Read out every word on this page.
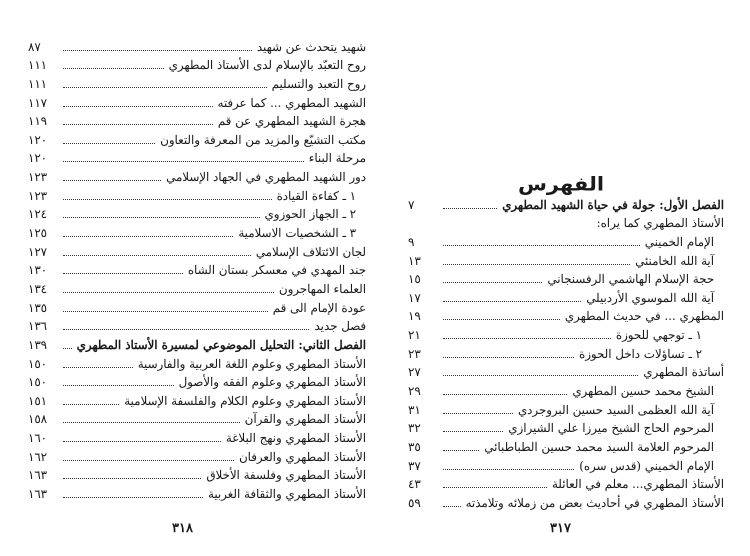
شهيد يتحدث عن شهيد
٨٧
روح التعبّد بالإسلام لدى الأستاذ المطهري
١١١
روح التعبد والتسليم
١١١
الشهيد المطهري ... كما عرفته
١١٧
هجرة الشهيد المطهري عن قم
١١٩
مكتب التشيّع والمزيد من المعرفة والتعاون
١٢٠
مرحلة البناء
١٢٠
دور الشهيد المطهري في الجهاد الإسلامي
١٢٣
١ ـ كفاءة القيادة
١٢٣
٢ ـ الجهاز الحوزوي
١٢٤
٣ ـ الشخصيات الاسلامية
١٢٥
لجان الائتلاف الإسلامي
١٢٧
جند المهدي في معسكر بستان الشاه
١٣٠
العلماء المهاجرون
١٣٤
عودة الإمام الى قم
١٣٥
فصل جديد
١٣٦
الفصل الثاني: التحليل الموضوعي لمسيرة الأستاذ المطهري
١٣٩
الأستاذ المطهري وعلوم اللغة العربية والفارسية
١٥٠
الأستاذ المطهري وعلوم الفقه والأصول
١٥٠
الأستاذ المطهري وعلوم الكلام والفلسفة الإسلامية
١٥١
الأستاذ المطهري والقرآن
١٥٨
الأستاذ المطهري ونهج البلاغة
١٦٠
الأستاذ المطهري والعرفان
١٦٢
الأستاذ المطهري وفلسفة الأخلاق
١٦٣
الأستاذ المطهري والثقافة الغربية
١٦٣
٣١٨
الفصل الأول: جولة في حياة الشهيد المطهري
٧
الأستاذ المطهري كما يراه:
الإمام الخميني
٩
آية الله الخامنئي
١٣
حجة الإسلام الهاشمي الرفسنجاني
١٥
آية الله الموسوي الأردبيلي
١٧
المطهري ... في حديث المطهري
١٩
١ ـ توجهي للحوزة
٢١
٢ ـ تساؤلات داخل الحوزة
٢٣
أساتذة المطهري
٢٧
الشيخ محمد حسين المطهري
٢٩
آية الله العظمى السيد حسين البروجردي
٣١
المرحوم الحاج الشيخ ميرزا علي الشيرازي
٣٢
المرحوم العلامة السيد محمد حسين الطباطبائي
٣٥
الإمام الخميني (قدس سره)
٣٧
الأستاذ المطهري... معلم في العائلة
٤٣
الأستاذ المطهري في أحاديث بعض من زملائه وتلامذته
٥٩
٣١٧
الفهرس
